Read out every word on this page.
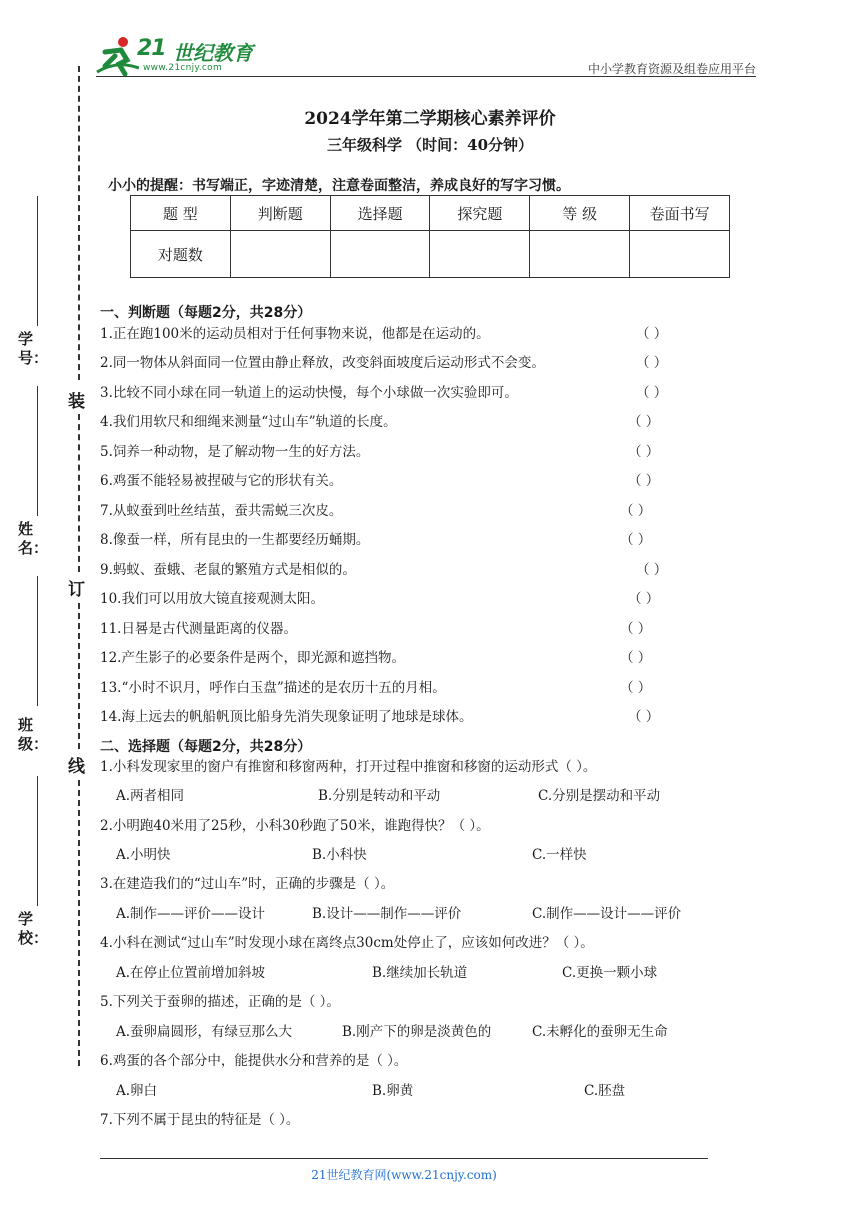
21 世纪教育
www.21cnjy.com	中小学教育资源及组卷应用平台
2024学年第二学期核心素养评价
三年级科学 （时间：40分钟）
小小的提醒：书写端正，字迹清楚，注意卷面整洁，养成良好的写字习惯。
题 型	判断题	选择题	探究题	等 级	卷面书写
对题数					
装
订
线
学号：
姓名：
班级：
学校：
一、判断题（每题2分，共28分）
1.正在跑100米的运动员相对于任何事物来说，他都是在运动的。	（ ）
2.同一物体从斜面同一位置由静止释放，改变斜面坡度后运动形式不会变。	（ ）
3.比较不同小球在同一轨道上的运动快慢，每个小球做一次实验即可。	（ ）
4.我们用软尺和细绳来测量“过山车”轨道的长度。	（ ）
5.饲养一种动物，是了解动物一生的好方法。	（ ）
6.鸡蛋不能轻易被捏破与它的形状有关。	（ ）
7.从蚁蚕到吐丝结茧，蚕共需蜕三次皮。	（ ）
8.像蚕一样，所有昆虫的一生都要经历蛹期。	（ ）
9.蚂蚁、蚕蛾、老鼠的繁殖方式是相似的。	（ ）
10.我们可以用放大镜直接观测太阳。	（ ）
11.日晷是古代测量距离的仪器。	（ ）
12.产生影子的必要条件是两个，即光源和遮挡物。	（ ）
13.“小时不识月，呼作白玉盘”描述的是农历十五的月相。	（ ）
14.海上远去的帆船帆顶比船身先消失现象证明了地球是球体。	（ ）
二、选择题（每题2分，共28分）
1.小科发现家里的窗户有推窗和移窗两种，打开过程中推窗和移窗的运动形式（ ）。
A.两者相同	B.分别是转动和平动	C.分别是摆动和平动
2.小明跑40米用了25秒，小科30秒跑了50米，谁跑得快？（ ）。
A.小明快	B.小科快	C.一样快
3.在建造我们的“过山车”时，正确的步骤是（ ）。
A.制作——评价——设计	B.设计——制作——评价	C.制作——设计——评价
4.小科在测试“过山车”时发现小球在离终点30cm处停止了，应该如何改进？（ ）。
A.在停止位置前增加斜坡	B.继续加长轨道	C.更换一颗小球
5.下列关于蚕卵的描述，正确的是（ ）。
A.蚕卵扁圆形，有绿豆那么大	B.刚产下的卵是淡黄色的	C.未孵化的蚕卵无生命
6.鸡蛋的各个部分中，能提供水分和营养的是（ ）。
A.卵白	B.卵黄	C.胚盘
7.下列不属于昆虫的特征是（ ）。
21世纪教育网(www.21cnjy.com)
